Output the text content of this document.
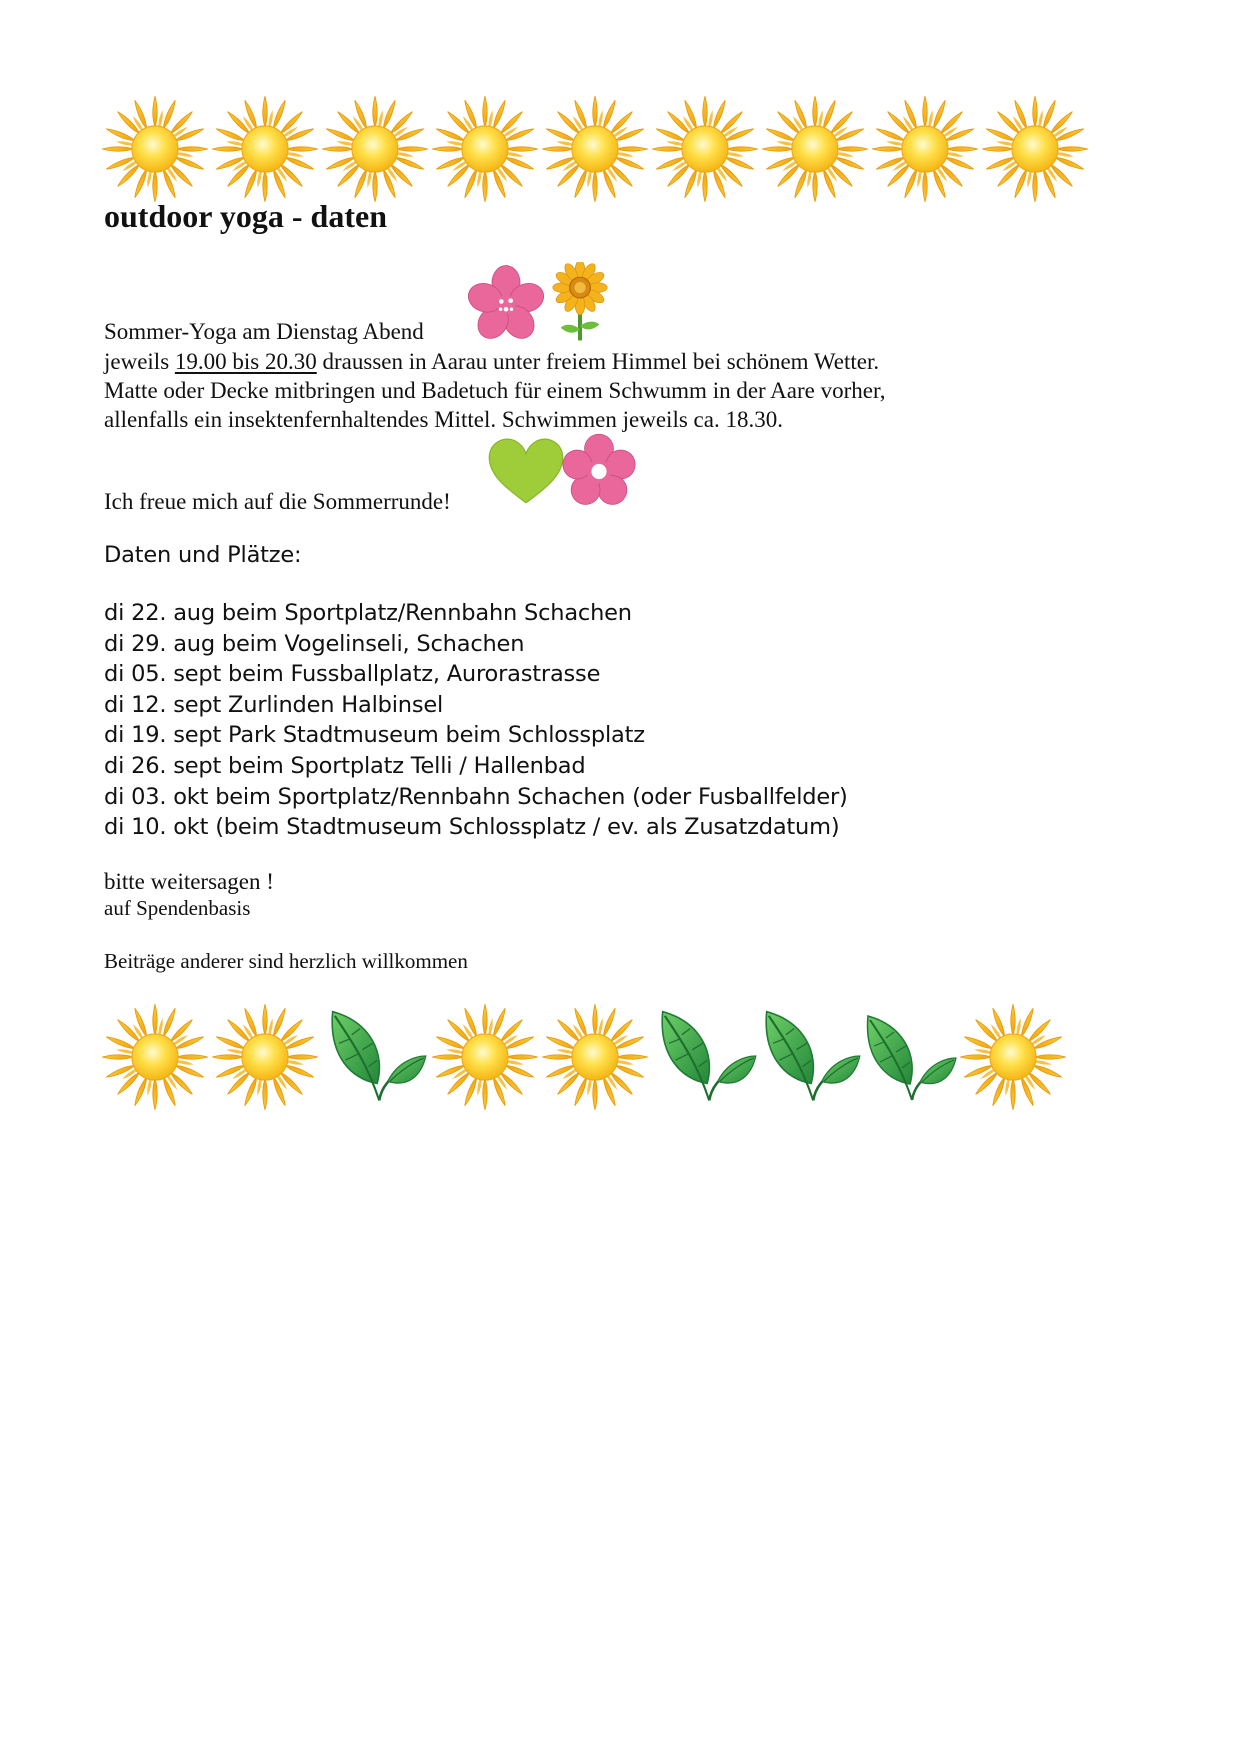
outdoor yoga - daten
Sommer-Yoga am Dienstag Abend
jeweils 19.00 bis 20.30 draussen in Aarau unter freiem Himmel bei schönem Wetter.
Matte oder Decke mitbringen und Badetuch für einem Schwumm in der Aare vorher,
allenfalls ein insektenfernhaltendes Mittel. Schwimmen jeweils ca. 18.30.
Ich freue mich auf die Sommerrunde!
Daten und Plätze:
di 22. aug beim Sportplatz/Rennbahn Schachen
di 29. aug beim Vogelinseli, Schachen
di 05. sept beim Fussballplatz, Aurorastrasse
di 12. sept Zurlinden Halbinsel
di 19. sept Park Stadtmuseum beim Schlossplatz
di 26. sept beim Sportplatz Telli / Hallenbad
di 03. okt beim Sportplatz/Rennbahn Schachen (oder Fusballfelder)
di 10. okt (beim Stadtmuseum Schlossplatz / ev. als Zusatzdatum)
bitte weitersagen !
auf Spendenbasis
Beiträge anderer sind herzlich willkommen
